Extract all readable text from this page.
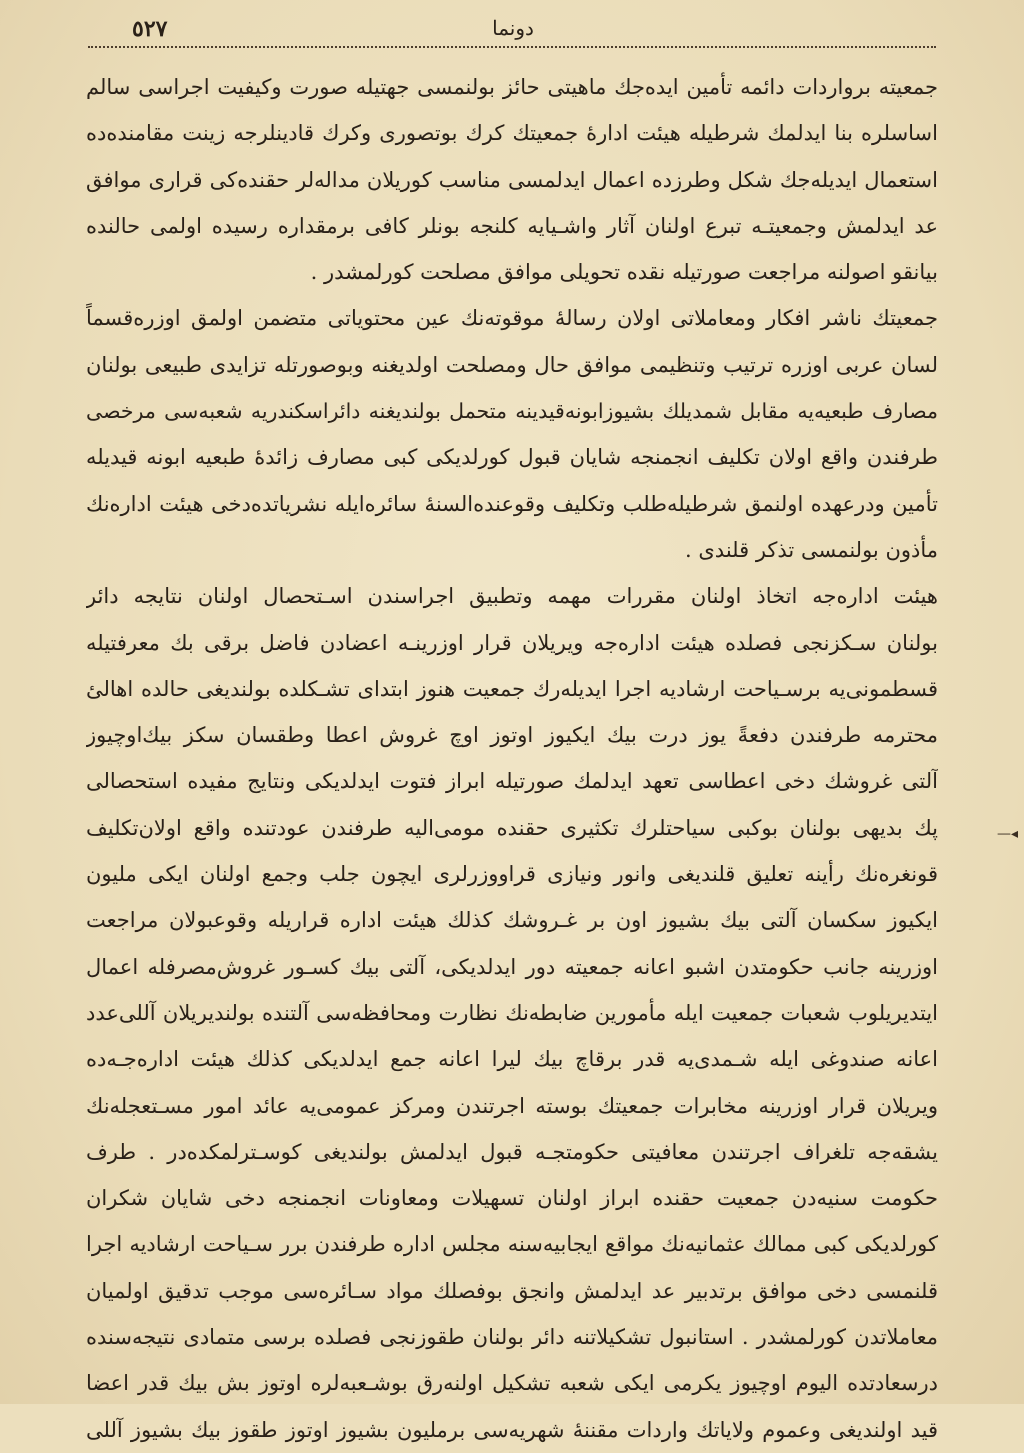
٥٢٧	دونما
جمعيته برواردات دائمه تأمين ايده‌جك ماهيتى حائز بولنمسى جهتيله صورت وكيفيت اجراسى سالم
اساسلره بنا ايدلمك شرطيله هيئت ادارهٔ جمعيتك كرك بوتصورى وكرك قادينلرجه زينت مقامنده‌ده
استعمال ايديله‌جك شكل وطرزده اعمال ايدلمسى مناسب كوريلان مداله‌لر حقنده‌كى قرارى موافق
عد ايدلمش وجمعيتـه تبرع اولنان آثار واشـيايه كلنجه بونلر كافى برمقداره رسيده اولمى حالنده
بيانقو اصولنه مراجعت صورتيله نقده تحويلى موافق مصلحت كورلمشدر .
جمعيتك ناشر افكار ومعاملاتى اولان رساله‌ٔ موقوته‌نك عين محتوياتى متضمن اولمق اوزره‌قسماً
لسان عربى اوزره ترتيب وتنظيمى موافق حال ومصلحت اولديغنه وبوصورتله تزايدى طبيعى بولنان
مصارف طبعيه‌يه مقابل شمديلك بشيوزابونه‌قيدينه متحمل بولنديغنه دائراسكندريه شعبه‌سى مرخصى
طرفندن واقع اولان تكليف انجمنجه شايان قبول كورلديكى كبى مصارف زائدهٔ طبعيه ابونه قيديله
تأمين ودرعهده اولنمق شرطيله‌طلب وتكليف وقوعنده‌السنهٔ سائره‌ايله نشرياتده‌دخى هيئت اداره‌نك
مأذون بولنمسى تذكر قلندى .
هيئت اداره‌جه اتخاذ اولنان مقررات مهمه وتطبيق اجراسندن اسـتحصال اولنان نتايجه دائر
بولنان سـكزنجى فصلده هيئت اداره‌جه ويريلان قرار اوزرينـه اعضادن فاضل برقى بك معرفتيله
قسطمونى‌يه برسـياحت ارشاديه اجرا ايديله‌رك جمعيت هنوز ابتداى تشـكلده بولنديغى حالده اهالئ
محترمه طرفندن دفعةً يوز درت بيك ايكيوز اوتوز اوچ غروش اعطا وطقسان سكز بيك‌اوچيوز
آلتى غروشك دخى اعطاسى تعهد ايدلمك صورتيله ابراز فتوت ايدلديكى ونتايج مفيده استحصالى
پك بديهى بولنان بوكبى سياحتلرك تكثيرى حقنده مومى‌اليه طرفندن عودتنده واقع اولان‌تكليف
قونغره‌نك رأينه تعليق قلنديغى وانور ونيازى قراووزرلرى ايچون جلب وجمع اولنان ايكى مليون
ايكيوز سكسان آلتى بيك بشيوز اون بر غـروشك كذلك هيئت اداره قراريله وقوعبولان مراجعت
اوزرينه جانب حكومتدن اشبو اعانه جمعيته دور ايدلديكى، آلتى بيك كسـور غروش‌مصرفله اعمال
ايتديريلوب شعبات جمعيت ايله مأمورين ضابطه‌نك نظارت ومحافظه‌سى آلتنده بولنديريلان آللى‌عدد
اعانه صندوغى ايله شـمدى‌يه قدر برقاچ بيك ليرا اعانه جمع ايدلديكى كذلك هيئت اداره‌جـه‌ده
ويريلان قرار اوزرينه مخابرات جمعيتك بوسته اجرتندن ومركز عمومى‌يه عائد امور مسـتعجله‌نك
يشقه‌جه تلغراف اجرتندن معافيتى حكومتجـه قبول ايدلمش بولنديغى كوسـترلمكده‌در . طرف
حكومت سنيه‌دن جمعيت حقنده ابراز اولنان تسهيلات ومعاونات انجمنجه دخى شايان شكران
كورلديكى كبى ممالك عثمانيه‌نك مواقع ايجابيه‌سنه مجلس اداره طرفندن برر سـياحت ارشاديه اجرا
قلنمسى دخى موافق برتدبير عد ايدلمش وانجق بوفصلك مواد سـائره‌سى موجب تدقيق اولميان
معاملاتدن كورلمشدر . استانبول تشكيلاتنه دائر بولنان طقوزنجى فصلده برسى متمادى نتيجه‌سنده
درسعادتده اليوم اوچيوز يكرمى ايكى شعبه تشكيل اولنه‌رق بوشـعبه‌لره اوتوز بش بيك قدر اعضا
قيد اولنديغى وعموم ولاياتك واردات مقننهٔ شهريه‌سى برمليون بشيوز اوتوز طقوز بيك بشيوز آللى
—◂
